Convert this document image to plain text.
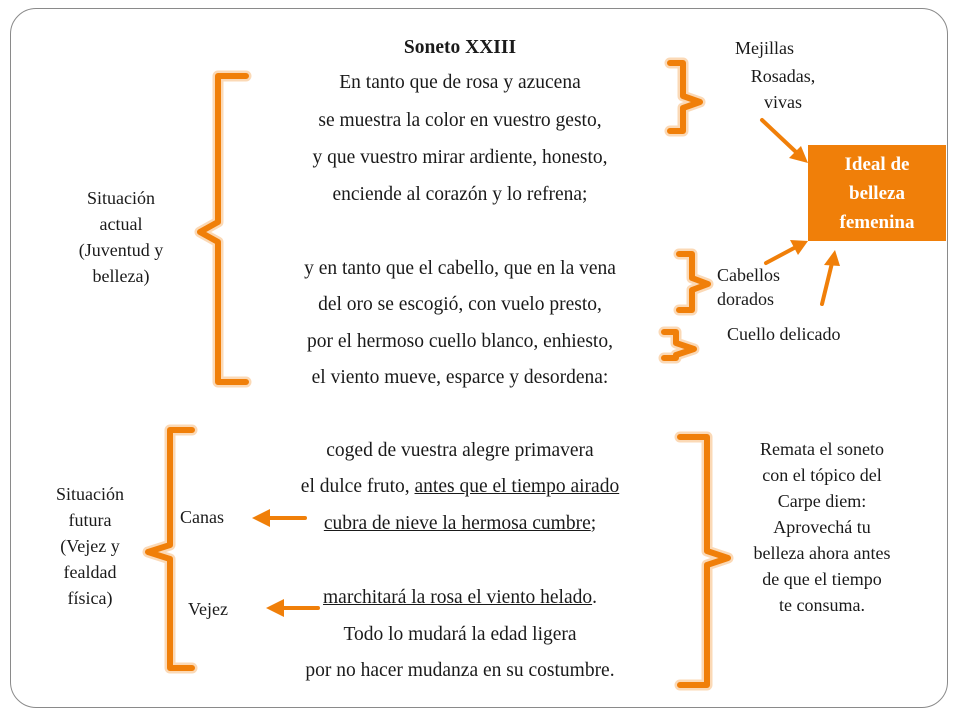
Soneto XXIII
En tanto que de rosa y azucena
se muestra la color en vuestro gesto,
y que vuestro mirar ardiente, honesto,
enciende al corazón y lo refrena;
y en tanto que el cabello, que en la vena
del oro se escogió, con vuelo presto,
por el hermoso cuello blanco, enhiesto,
el viento mueve, esparce y desordena:
coged de vuestra alegre primavera
el dulce fruto, antes que el tiempo airado
cubra de nieve la hermosa cumbre;
marchitará la rosa el viento helado.
Todo lo mudará la edad ligera
por no hacer mudanza en su costumbre.
Situación
actual
(Juventud y
belleza)
Situación
futura
(Vejez y
fealdad
física)
Mejillas
Rosadas,
vivas
Cabellos
dorados
Cuello delicado
Canas
Vejez
Ideal de
belleza
femenina
Remata el soneto
con el tópico del
Carpe diem:
Aprovechá tu
belleza ahora antes
de que el tiempo
te consuma.
